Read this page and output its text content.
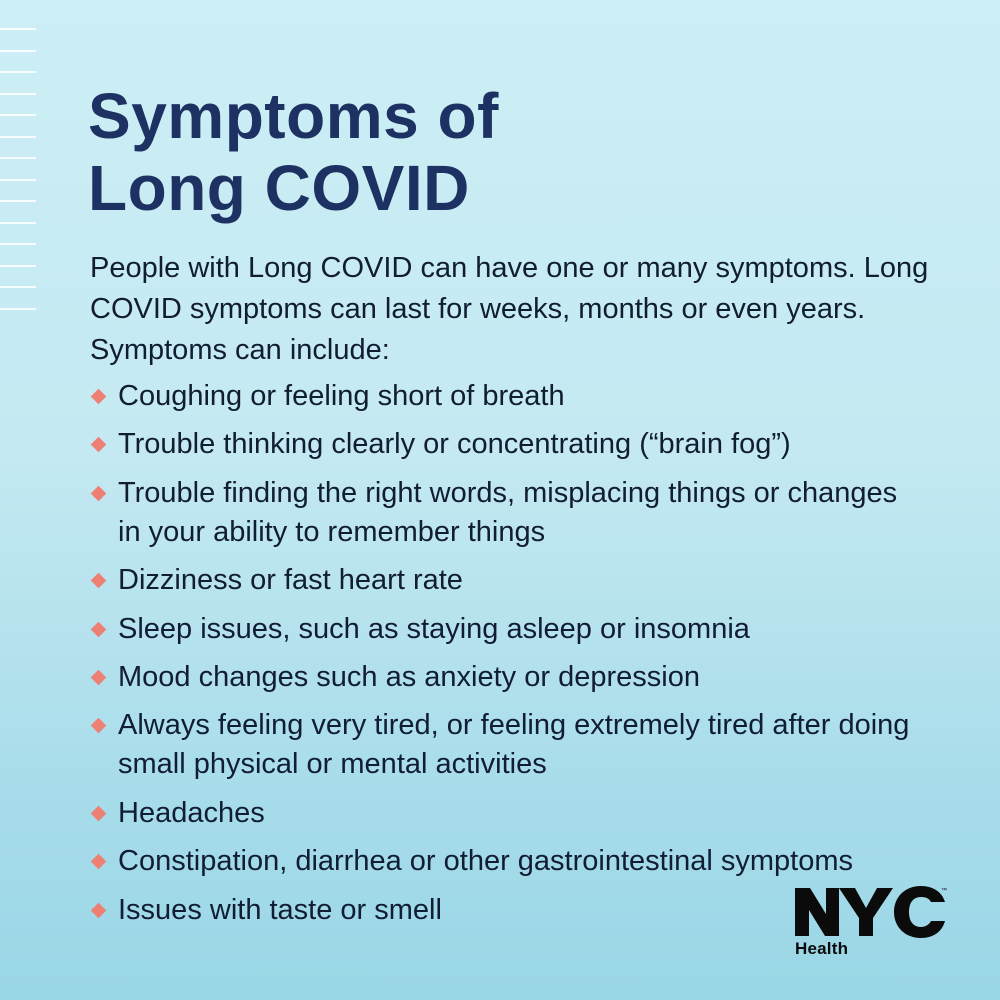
Symptoms of
Long COVID

People with Long COVID can have one or many symptoms. Long COVID symptoms can last for weeks, months or even years. Symptoms can include:

Coughing or feeling short of breath
Trouble thinking clearly or concentrating (“brain fog”)
Trouble finding the right words, misplacing things or changes in your ability to remember things
Dizziness or fast heart rate
Sleep issues, such as staying asleep or insomnia
Mood changes such as anxiety or depression
Always feeling very tired, or feeling extremely tired after doing small physical or mental activities
Headaches
Constipation, diarrhea or other gastrointestinal symptoms
Issues with taste or smell
™
Health
